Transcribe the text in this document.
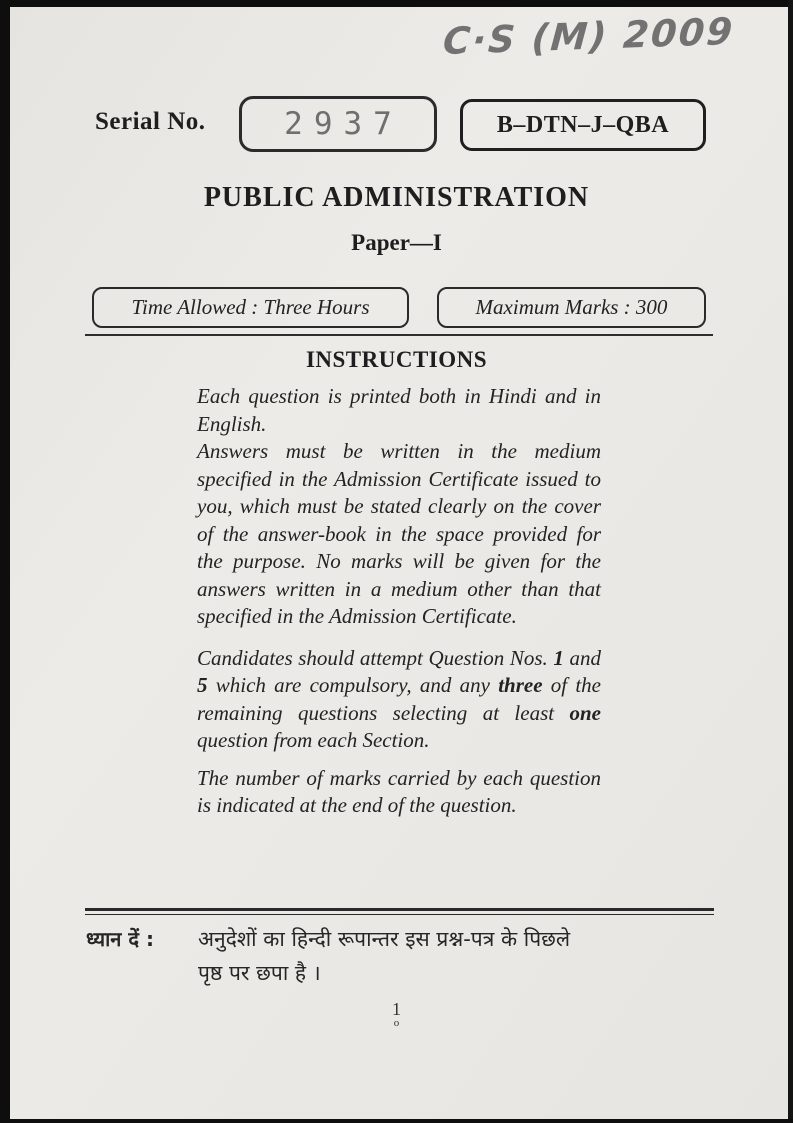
C·S (M) 2009
Serial No.	2937	B–DTN–J–QBA
PUBLIC ADMINISTRATION
Paper—I
Time Allowed : Three Hours	Maximum Marks : 300
INSTRUCTIONS

Each question is printed both in Hindi and in English.

Answers must be written in the medium specified in the Admission Certificate issued to you, which must be stated clearly on the cover of the answer-book in the space provided for the purpose. No marks will be given for the answers written in a medium other than that specified in the Admission Certificate.

Candidates should attempt Question Nos. 1 and 5 which are compulsory, and any three of the remaining questions selecting at least one question from each Section.

The number of marks carried by each question is indicated at the end of the question.

ध्यान दें : अनुदेशों का हिन्दी रूपान्तर इस प्रश्न-पत्र के पिछले
पृष्ठ पर छपा है ।
1
o
